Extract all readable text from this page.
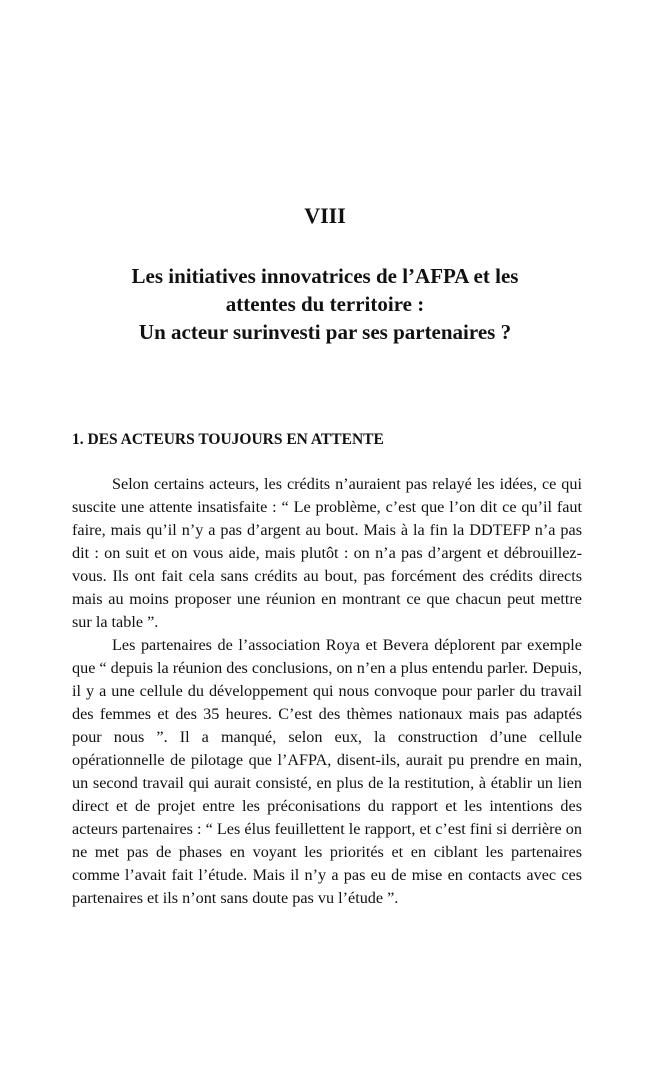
VIII
Les initiatives innovatrices de l’AFPA et les
attentes du territoire :
Un acteur surinvesti par ses partenaires ?
1. DES ACTEURS TOUJOURS EN ATTENTE

Selon certains acteurs, les crédits n’auraient pas relayé les idées, ce qui suscite une attente insatisfaite : “ Le problème, c’est que l’on dit ce qu’il faut faire, mais qu’il n’y a pas d’argent au bout. Mais à la fin la DDTEFP n’a pas dit : on suit et on vous aide, mais plutôt : on n’a pas d’argent et débrouillez-vous. Ils ont fait cela sans crédits au bout, pas forcément des crédits directs mais au moins proposer une réunion en montrant ce que chacun peut mettre sur la table ”.

Les partenaires de l’association Roya et Bevera déplorent par exemple que “ depuis la réunion des conclusions, on n’en a plus entendu parler. Depuis, il y a une cellule du développement qui nous convoque pour parler du travail des femmes et des 35 heures. C’est des thèmes nationaux mais pas adaptés pour nous ”. Il a manqué, selon eux, la construction d’une cellule opérationnelle de pilotage que l’AFPA, disent-ils, aurait pu prendre en main, un second travail qui aurait consisté, en plus de la restitution, à établir un lien direct et de projet entre les préconisations du rapport et les intentions des acteurs partenaires : “ Les élus feuillettent le rapport, et c’est fini si derrière on ne met pas de phases en voyant les priorités et en ciblant les partenaires comme l’avait fait l’étude. Mais il n’y a pas eu de mise en contacts avec ces partenaires et ils n’ont sans doute pas vu l’étude ”.
